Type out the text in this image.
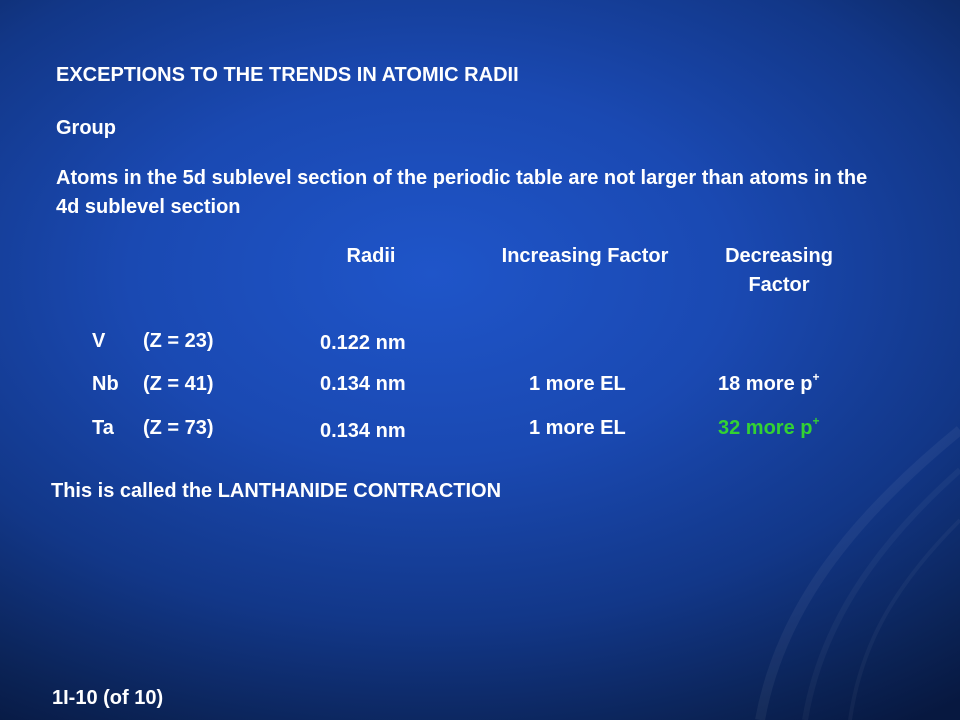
EXCEPTIONS TO THE TRENDS IN ATOMIC RADII
Group
Atoms in the 5d sublevel section of the periodic table are not larger than atoms in the 4d sublevel section
Radii	Increasing Factor	Decreasing Factor
V (Z = 23)	0.122 nm
Nb (Z = 41)	0.134 nm	1 more EL	18 more p+
Ta (Z = 73)	0.134 nm	1 more EL	32 more p+
This is called the LANTHANIDE CONTRACTION
1I-10 (of 10)
